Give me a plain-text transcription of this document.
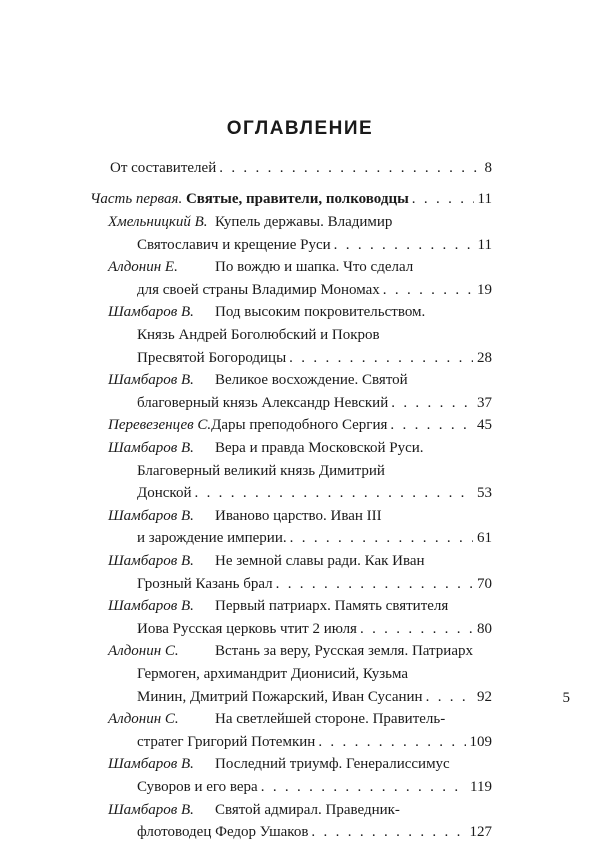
ОГЛАВЛЕНИЕ
От составителей . . .	8
Часть первая.
Святые, правители, полководцы . . .	11
Хмельницкий В. Купель державы. Владимир
Святославич и крещение Руси . . .	11
Алдонин Е.	По вождю и шапка. Что сделал
для своей страны Владимир Мономах . . .	19
Шамбаров В.	Под высоким покровительством.
Князь Андрей Боголюбский и Покров
Пресвятой Богородицы . . .	28
Шамбаров В.	Великое восхождение. Святой
благоверный князь Александр Невский . . .	37
Перевезенцев С. Дары преподобного Сергия . . .	45
Шамбаров В.	Вера и правда Московской Руси.
Благоверный великий князь Димитрий
Донской . . .	53
Шамбаров В.	Иваново царство. Иван III
и зарождение империи. . . .	61
Шамбаров В.	Не земной славы ради. Как Иван
Грозный Казань брал . . .	70
Шамбаров В.	Первый патриарх. Память святителя
Иова Русская церковь чтит 2 июля . . .	80
Алдонин С.	Встань за веру, Русская земля. Патриарх
Гермоген, архимандрит Дионисий, Кузьма
Минин, Дмитрий Пожарский, Иван Сусанин . . .	92
Алдонин С.	На светлейшей стороне. Правитель-
стратег Григорий Потемкин . . .	109
Шамбаров В.	Последний триумф. Генералиссимус
Суворов и его вера . . .	119
Шамбаров В.	Святой адмирал. Праведник-
флотоводец Федор Ушаков . . .	127
5
